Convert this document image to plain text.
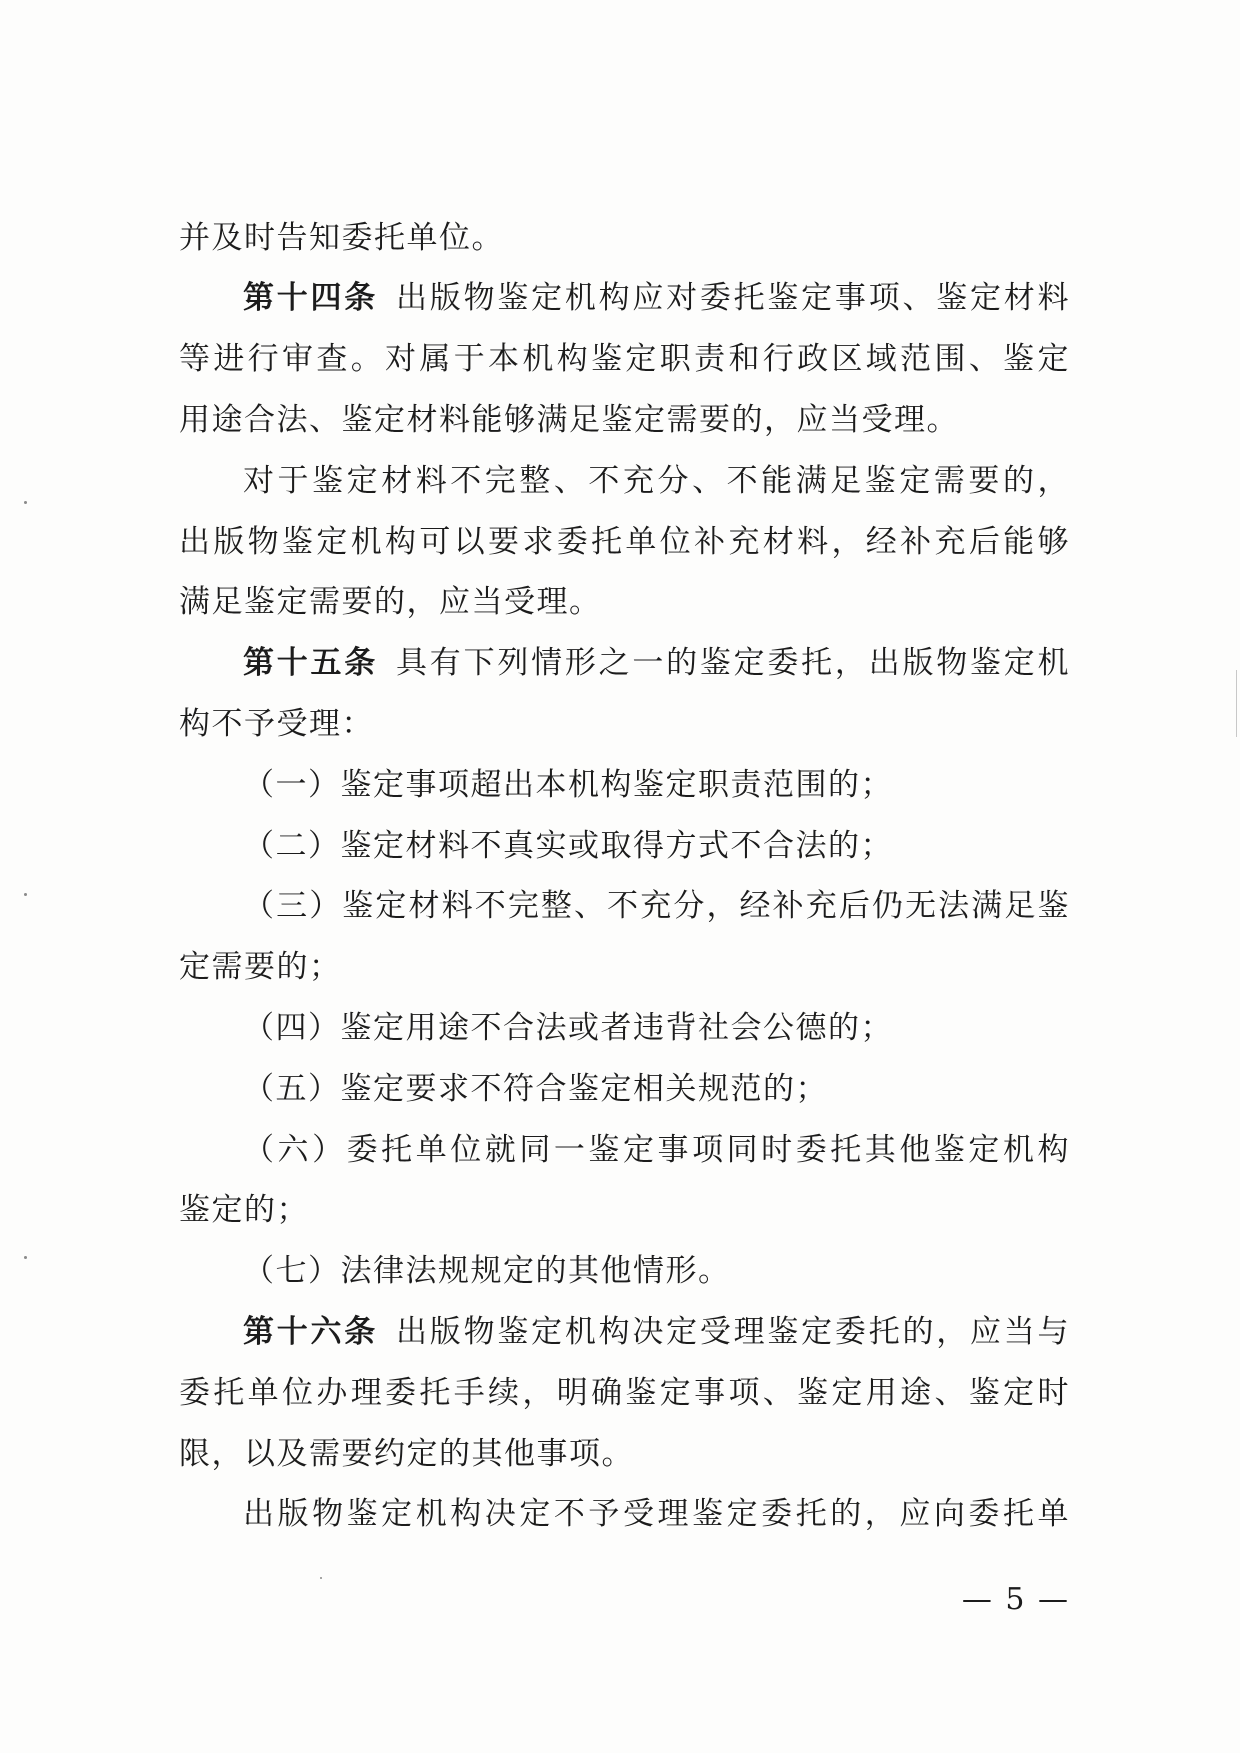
并及时告知委托单位。
第十四条 出版物鉴定机构应对委托鉴定事项、鉴定材料
等进行审查。对属于本机构鉴定职责和行政区域范围、鉴定
用途合法、鉴定材料能够满足鉴定需要的，应当受理。
对于鉴定材料不完整、不充分、不能满足鉴定需要的，
出版物鉴定机构可以要求委托单位补充材料，经补充后能够
满足鉴定需要的，应当受理。
第十五条 具有下列情形之一的鉴定委托，出版物鉴定机
构不予受理：
（一）鉴定事项超出本机构鉴定职责范围的；
（二）鉴定材料不真实或取得方式不合法的；
（三）鉴定材料不完整、不充分，经补充后仍无法满足鉴
定需要的；
（四）鉴定用途不合法或者违背社会公德的；
（五）鉴定要求不符合鉴定相关规范的；
（六）委托单位就同一鉴定事项同时委托其他鉴定机构
鉴定的；
（七）法律法规规定的其他情形。
第十六条 出版物鉴定机构决定受理鉴定委托的，应当与
委托单位办理委托手续，明确鉴定事项、鉴定用途、鉴定时
限，以及需要约定的其他事项。
出版物鉴定机构决定不予受理鉴定委托的，应向委托单
— 5 —
